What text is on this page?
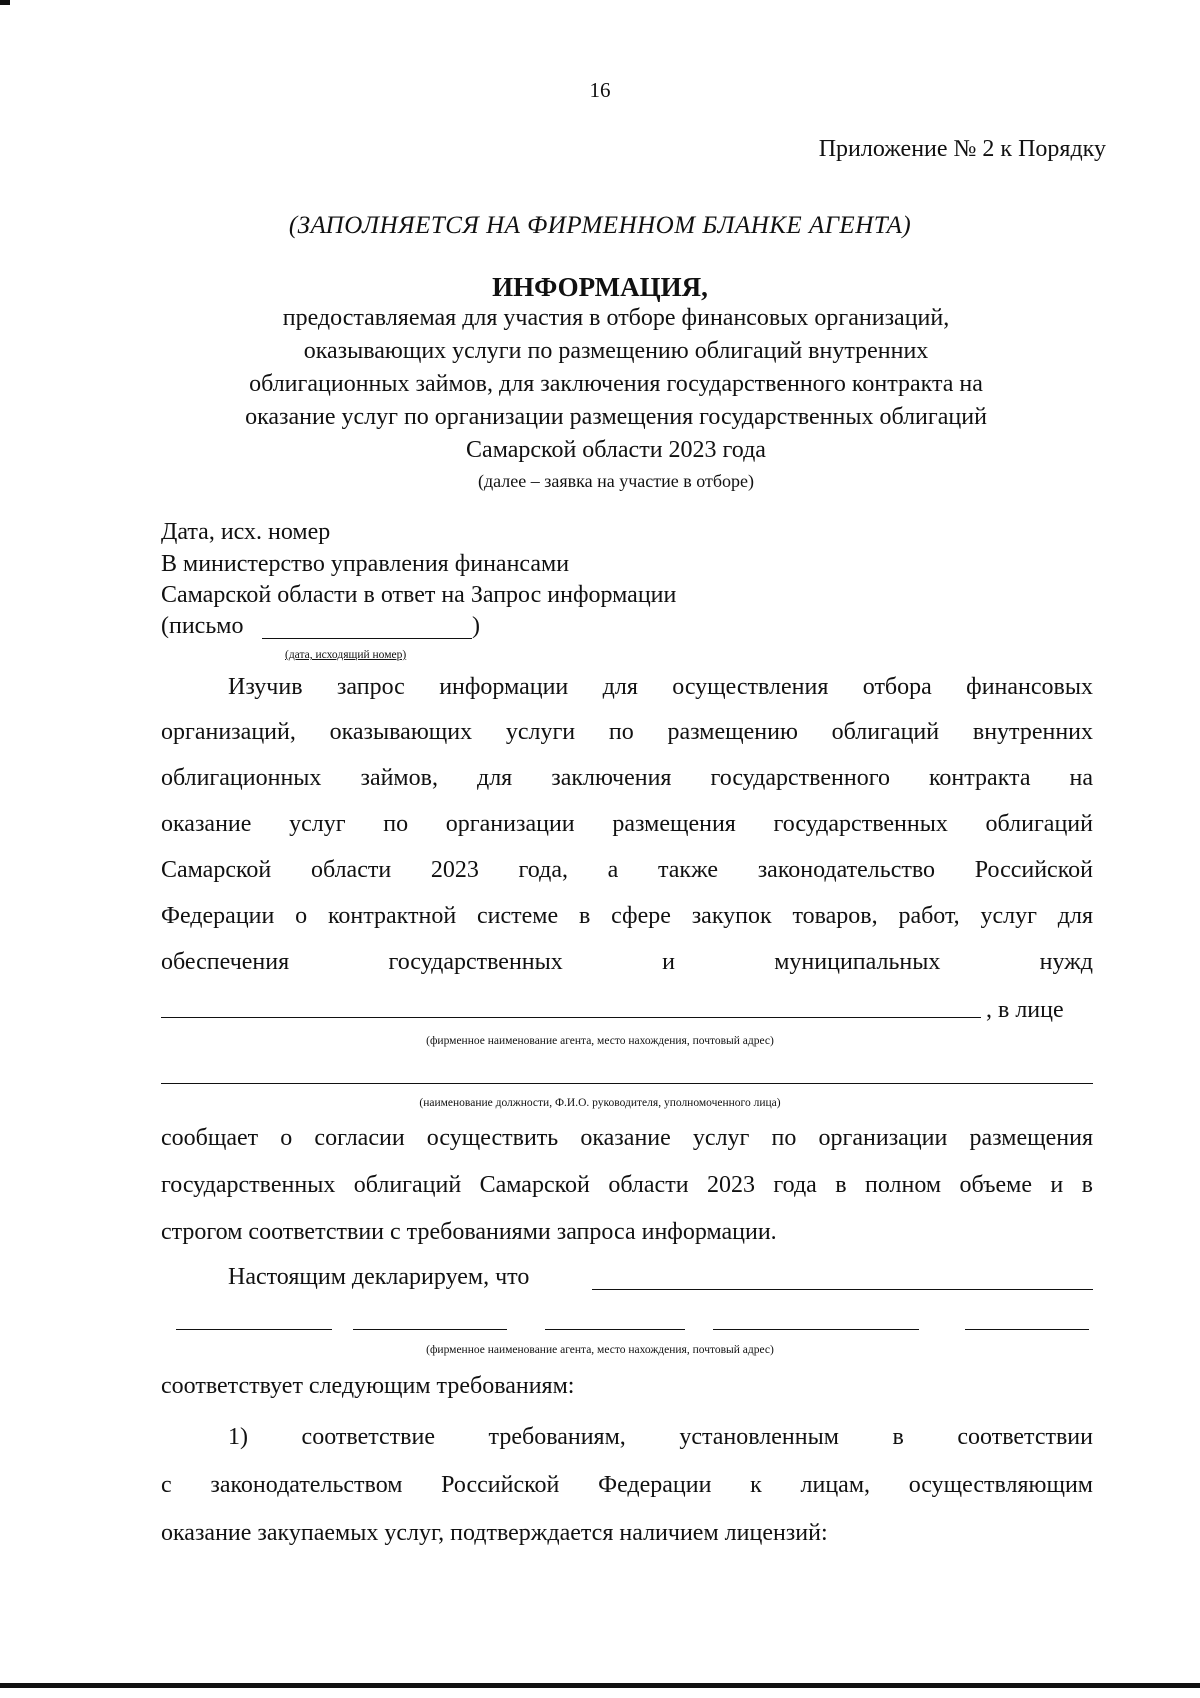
16
Приложение № 2 к Порядку
(ЗАПОЛНЯЕТСЯ НА ФИРМЕННОМ БЛАНКЕ АГЕНТА)
ИНФОРМАЦИЯ,
предоставляемая для участия в отборе финансовых организаций,
оказывающих услуги по размещению облигаций внутренних
облигационных займов, для заключения государственного контракта на
оказание услуг по организации размещения государственных облигаций
Самарской области 2023 года
(далее – заявка на участие в отборе)
Дата, исх. номер
В министерство управления финансами
Самарской области в ответ на Запрос информации
(письмо	)
(дата, исходящий номер)
Изучив запрос информации для осуществления отбора финансовых
организаций, оказывающих услуги по размещению облигаций внутренних
облигационных займов, для заключения государственного контракта на
оказание услуг по организации размещения государственных облигаций
Самарской области 2023 года, а также законодательство Российской
Федерации о контрактной системе в сфере закупок товаров, работ, услуг для
обеспечения государственных и муниципальных нужд
, в лице
(фирменное наименование агента, место нахождения, почтовый адрес)
(наименование должности, Ф.И.О. руководителя, уполномоченного лица)
сообщает о согласии осуществить оказание услуг по организации размещения
государственных облигаций Самарской области 2023 года в полном объеме и в
строгом соответствии с требованиями запроса информации.
Настоящим декларируем, что
(фирменное наименование агента, место нахождения, почтовый адрес)
соответствует следующим требованиям:
1) соответствие требованиям, установленным в соответствии
с законодательством Российской Федерации к лицам, осуществляющим
оказание закупаемых услуг, подтверждается наличием лицензий:
